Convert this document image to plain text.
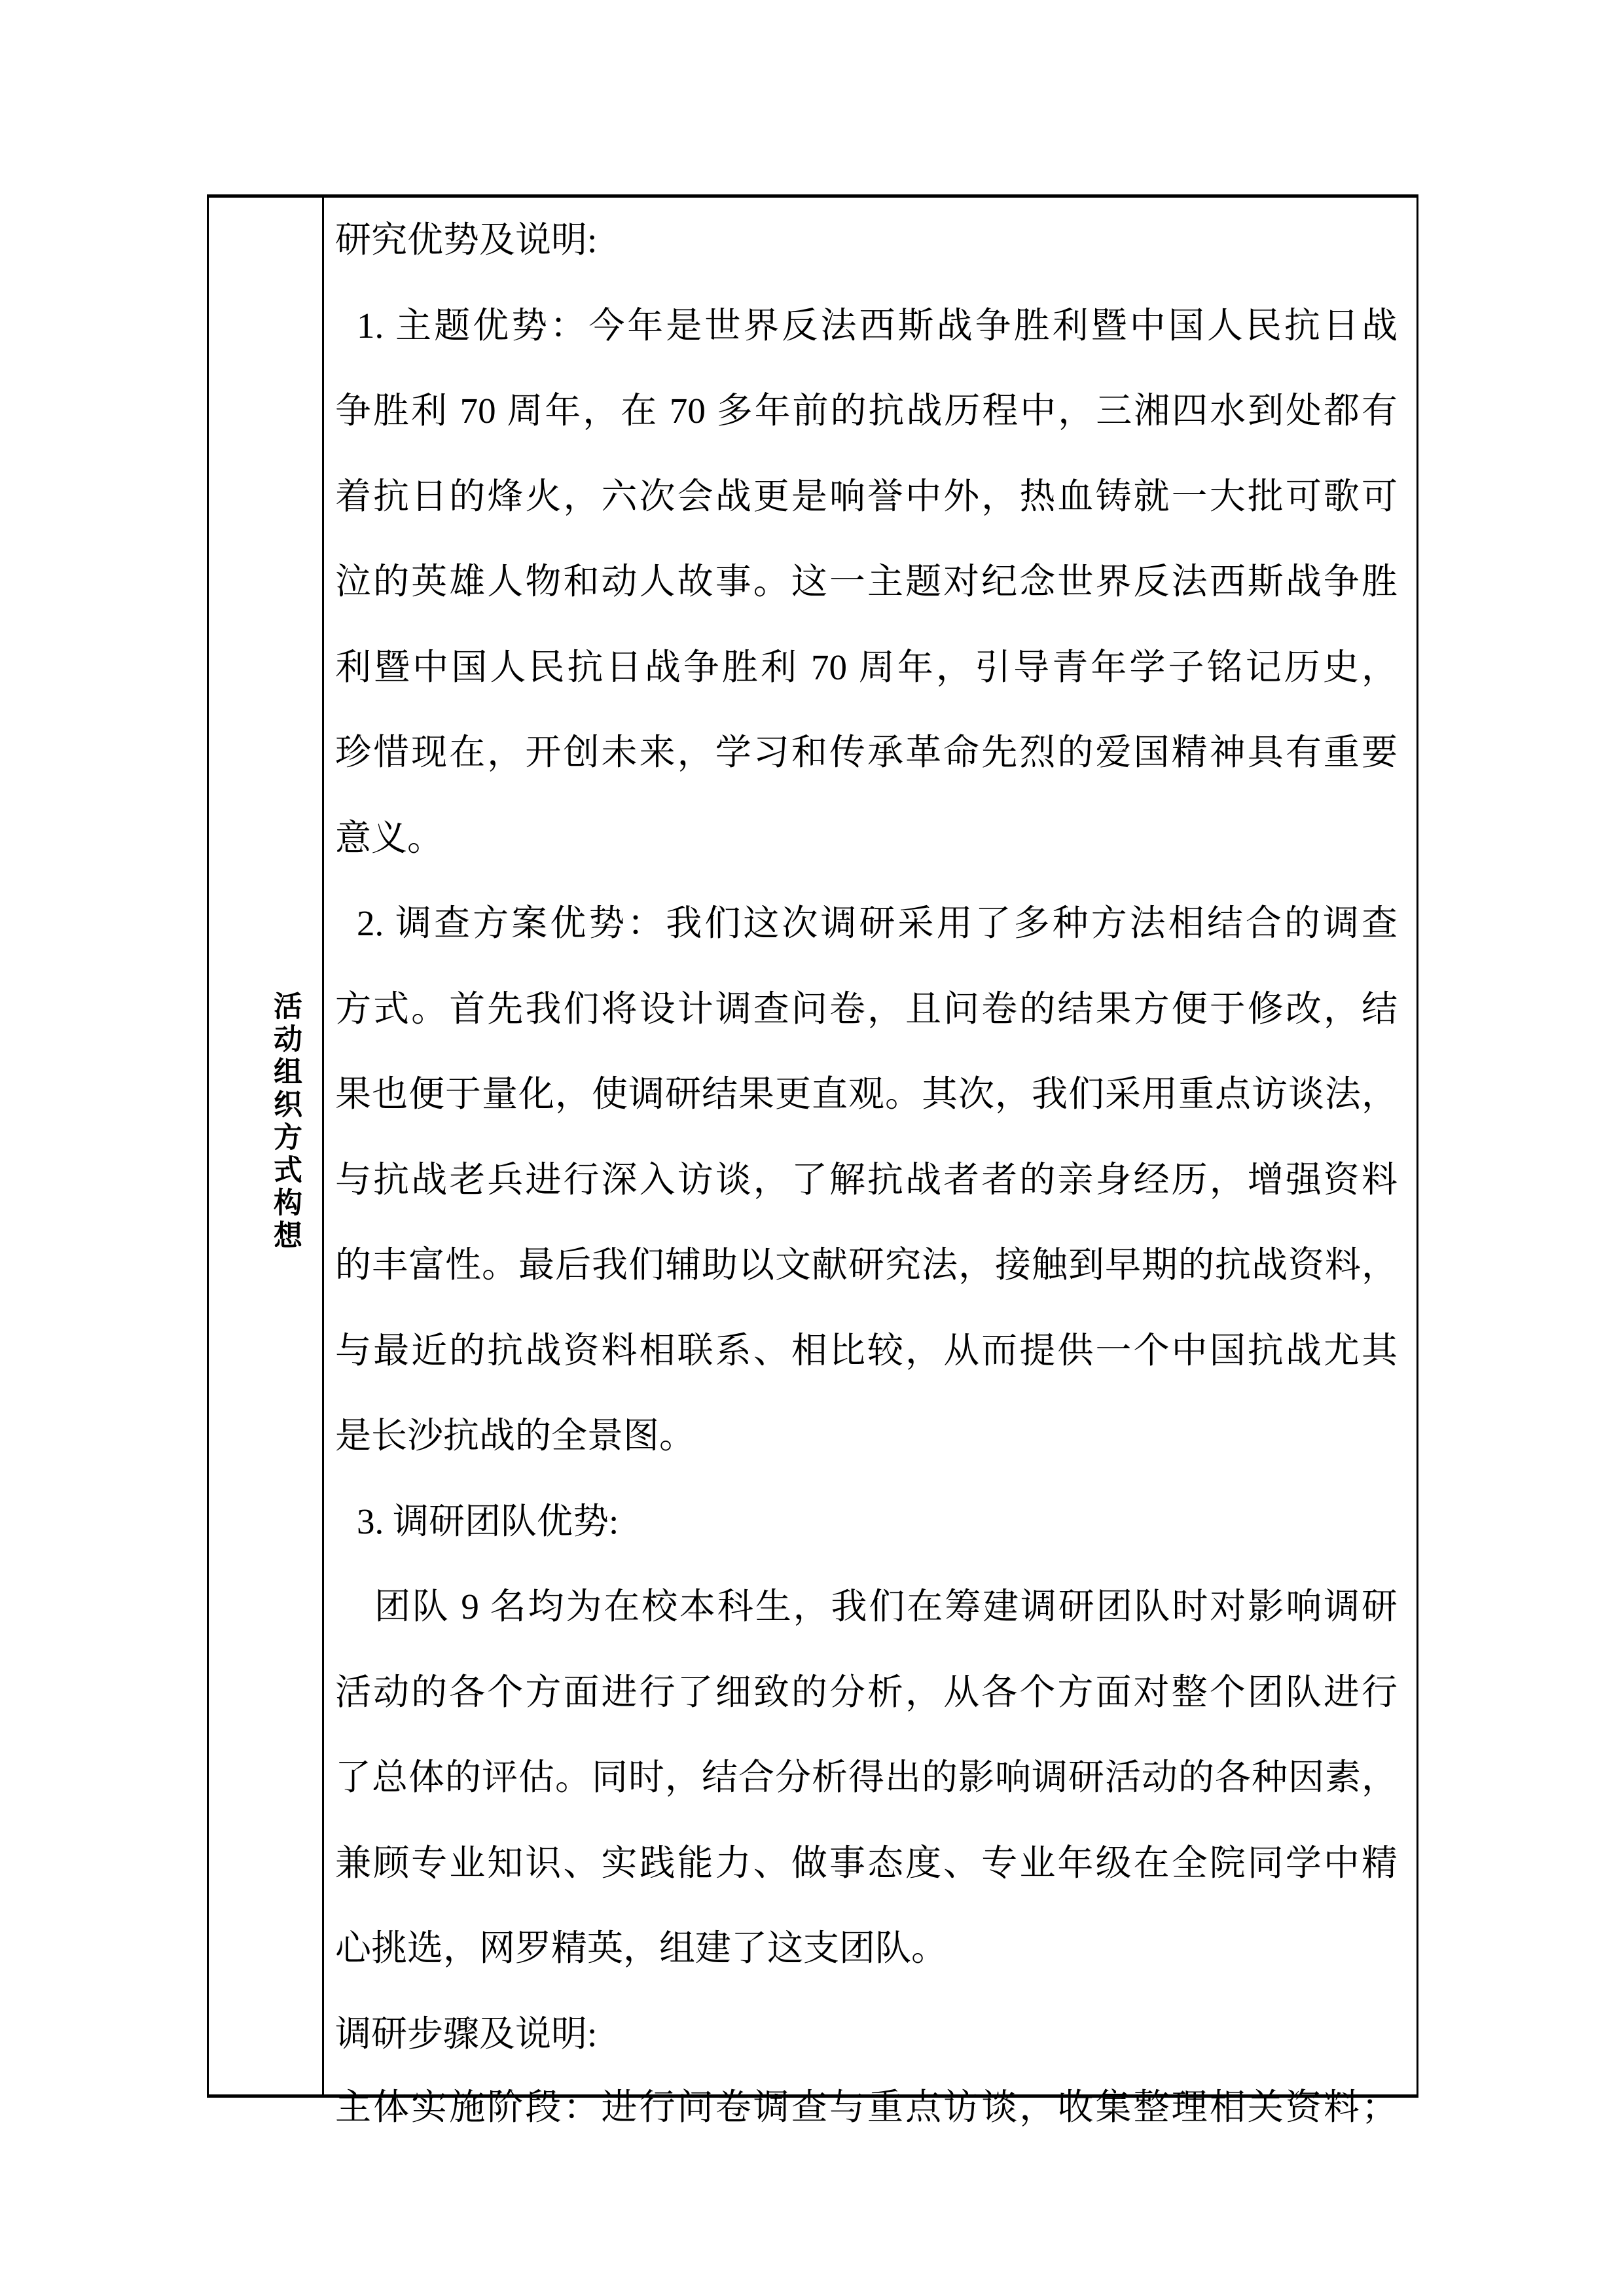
活动组织方式构想
研究优势及说明:
1. 主题优势：今年是世界反法西斯战争胜利暨中国人民抗日战
争胜利 70 周年，在 70 多年前的抗战历程中，三湘四水到处都有
着抗日的烽火，六次会战更是响誉中外，热血铸就一大批可歌可
泣的英雄人物和动人故事。这一主题对纪念世界反法西斯战争胜
利暨中国人民抗日战争胜利 70 周年，引导青年学子铭记历史，
珍惜现在，开创未来，学习和传承革命先烈的爱国精神具有重要
意义。
2. 调查方案优势：我们这次调研采用了多种方法相结合的调查
方式。首先我们将设计调查问卷，且问卷的结果方便于修改，结
果也便于量化，使调研结果更直观。其次，我们采用重点访谈法，
与抗战老兵进行深入访谈，了解抗战者者的亲身经历，增强资料
的丰富性。最后我们辅助以文献研究法，接触到早期的抗战资料，
与最近的抗战资料相联系、相比较，从而提供一个中国抗战尤其
是长沙抗战的全景图。
3. 调研团队优势:
团队 9 名均为在校本科生，我们在筹建调研团队时对影响调研
活动的各个方面进行了细致的分析，从各个方面对整个团队进行
了总体的评估。同时，结合分析得出的影响调研活动的各种因素，
兼顾专业知识、实践能力、做事态度、专业年级在全院同学中精
心挑选，网罗精英，组建了这支团队。
调研步骤及说明:
主体实施阶段：进行问卷调查与重点访谈，收集整理相关资料；
